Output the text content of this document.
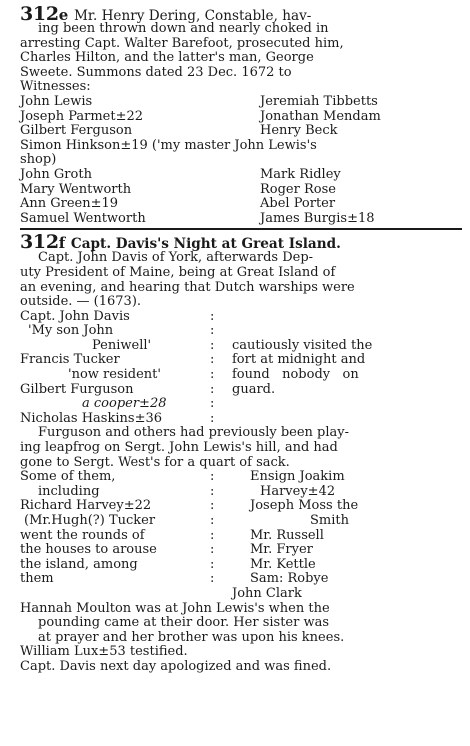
312e Mr. Henry Dering, Constable, hav-

ing been thrown down and nearly choked in

arresting Capt. Walter Barefoot, prosecuted him,

Charles Hilton, and the latter's man, George

Sweete. Summons dated 23 Dec. 1672 to

Witnesses:

John Lewis	Jeremiah Tibbetts
Joseph Parmet±22	Jonathan Mendam
Gilbert Ferguson	Henry Beck
Simon Hinkson±19 ('my master John Lewis's
shop)
John Groth	Mark Ridley
Mary Wentworth	Roger Rose
Ann Green±19	Abel Porter
Samuel Wentworth	James Burgis±18
312f Capt. Davis's Night at Great Island.

Capt. John Davis of York, afterwards Dep-

uty President of Maine, being at Great Island of

an evening, and hearing that Dutch warships were

outside. — (1673).

Capt. John Davis	:
'My son John	:
Peniwell'	:	cautiously visited the
Francis Tucker	:	fort at midnight and
'now resident'	:	found   nobody   on
Gilbert Furguson	:	guard.
a cooper±28	:
Nicholas Haskins±36	:

Furguson and others had previously been play-

ing leapfrog on Sergt. John Lewis's hill, and had

gone to Sergt. West's for a quart of sack.

Some of them,	:	Ensign Joakim
including	:	Harvey±42
Richard Harvey±22	:	Joseph Moss the
(Mr.Hugh(?) Tucker	:	Smith
went the rounds of	:	Mr. Russell
the houses to arouse	:	Mr. Fryer
the island, among	:	Mr. Kettle
them	:	Sam: Robye
John Clark

Hannah Moulton was at John Lewis's when the

pounding came at their door. Her sister was

at prayer and her brother was upon his knees.

William Lux±53 testified.

Capt. Davis next day apologized and was fined.
